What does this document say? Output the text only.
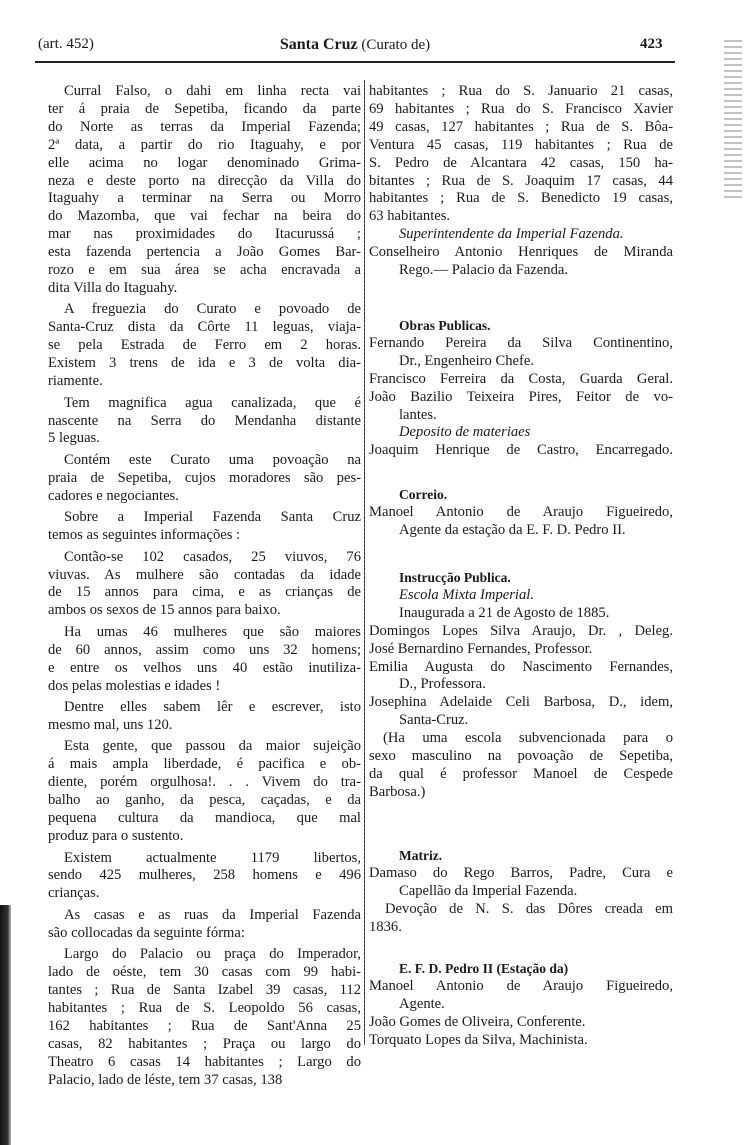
(art. 452)	Santa Cruz (Curato de)	423
Curral Falso, o dahi em linha recta vai
ter á praia de Sepetiba, ficando da parte
do Norte as terras da Imperial Fazenda;
2ª data, a partir do rio Itaguahy, e por
elle acima no logar denominado Grima-
neza e deste porto na direcção da Villa do
Itaguahy a terminar na Serra ou Morro
do Mazomba, que vai fechar na beira do
mar nas proximidades do Itacurussá ;
esta fazenda pertencia a João Gomes Bar-
rozo e em sua área se acha encravada a
dita Villa do Itaguahy.
A freguezia do Curato e povoado de
Santa-Cruz dista da Côrte 11 leguas, viaja-
se pela Estrada de Ferro em 2 horas.
Existem 3 trens de ida e 3 de volta dia-
riamente.
Tem magnifica agua canalizada, que é
nascente na Serra do Mendanha distante
5 leguas.
Contém este Curato uma povoação na
praia de Sepetiba, cujos moradores são pes-
cadores e negociantes.
Sobre a Imperial Fazenda Santa Cruz
temos as seguintes informações :
Contão-se 102 casados, 25 viuvos, 76
viuvas. As mulhere são contadas da idade
de 15 annos para cima, e as crianças de
ambos os sexos de 15 annos para baixo.
Ha umas 46 mulheres que são maiores
de 60 annos, assim como uns 32 homens;
e entre os velhos uns 40 estão inutiliza-
dos pelas molestias e idades !
Dentre elles sabem lêr e escrever, isto
mesmo mal, uns 120.
Esta gente, que passou da maior sujeição
á mais ampla liberdade, é pacifica e ob-
diente, porém orgulhosa!. . . Vivem do tra-
balho ao ganho, da pesca, caçadas, e da
pequena cultura da mandioca, que mal
produz para o sustento.
Existem actualmente 1179 libertos,
sendo 425 mulheres, 258 homens e 496
crianças.
As casas e as ruas da Imperial Fazenda
são collocadas da seguinte fórma:
Largo do Palacio ou praça do Imperador,
lado de oéste, tem 30 casas com 99 habi-
tantes ; Rua de Santa Izabel 39 casas, 112
habitantes ; Rua de S. Leopoldo 56 casas,
162 habitantes ; Rua de Sant'Anna 25
casas, 82 habitantes ; Praça ou largo do
Theatro 6 casas 14 habitantes ; Largo do
Palacio, lado de léste, tem 37 casas, 138
habitantes ; Rua do S. Januario 21 casas,
69 habitantes ; Rua do S. Francisco Xavier
49 casas, 127 habitantes ; Rua de S. Bôa-
Ventura 45 casas, 119 habitantes ; Rua de
S. Pedro de Alcantara 42 casas, 150 ha-
bitantes ; Rua de S. Joaquim 17 casas, 44
habitantes ; Rua de S. Benedicto 19 casas,
63 habitantes.
Superintendente da Imperial Fazenda.
Conselheiro Antonio Henriques de Miranda
Rego.— Palacio da Fazenda.
Obras Publicas.
Fernando Pereira da Silva Continentino,
Dr., Engenheiro Chefe.
Francisco Ferreira da Costa, Guarda Geral.
João Bazilio Teixeira Pires, Feitor de vo-
lantes.
Deposito de materiaes
Joaquim Henrique de Castro, Encarregado.
Correio.
Manoel Antonio de Araujo Figueiredo,
Agente da estação da E. F. D. Pedro II.
Instrucção Publica.
Escola Mixta Imperial.
Inaugurada a 21 de Agosto de 1885.
Domingos Lopes Silva Araujo, Dr. , Deleg.
José Bernardino Fernandes, Professor.
Emilia Augusta do Nascimento Fernandes,
D., Professora.
Josephina Adelaide Celi Barbosa, D., idem,
Santa-Cruz.
(Ha uma escola subvencionada para o
sexo masculino na povoação de Sepetiba,
da qual é professor Manoel de Cespede
Barbosa.)
Matriz.
Damaso do Rego Barros, Padre, Cura e
Capellão da Imperial Fazenda.
Devoção de N. S. das Dôres creada em
1836.
E. F. D. Pedro II (Estação da)
Manoel Antonio de Araujo Figueiredo,
Agente.
João Gomes de Oliveira, Conferente.
Torquato Lopes da Silva, Machinista.
